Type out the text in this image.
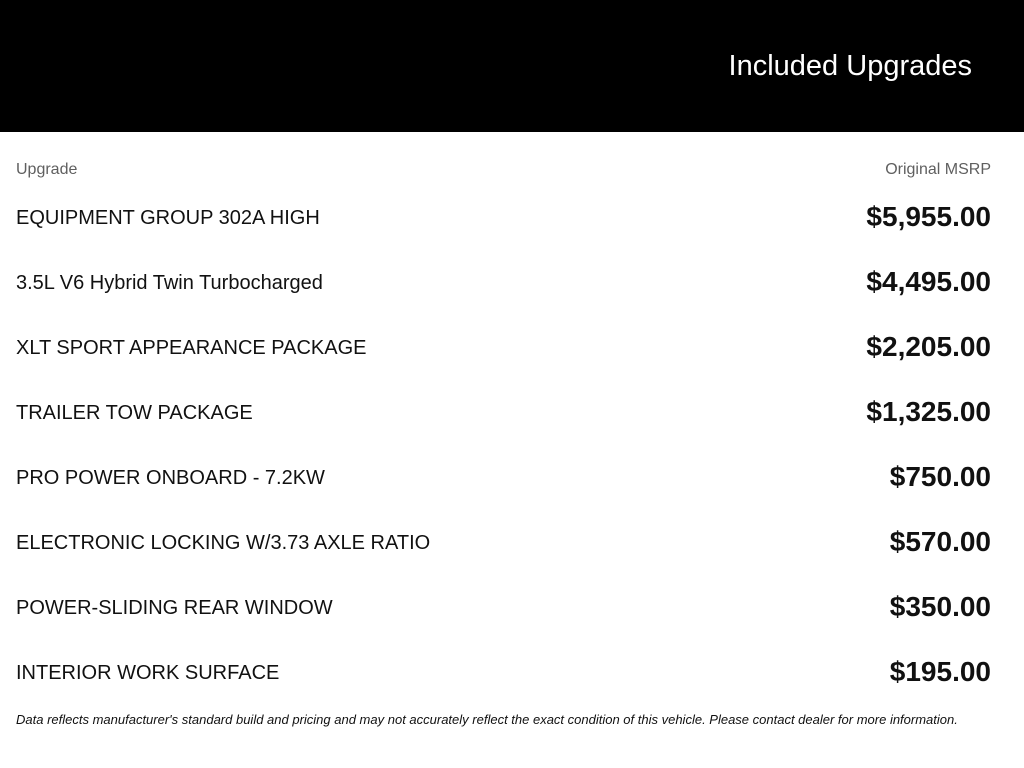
Included Upgrades
Upgrade	Original MSRP
EQUIPMENT GROUP 302A HIGH	$5,955.00
3.5L V6 Hybrid Twin Turbocharged	$4,495.00
XLT SPORT APPEARANCE PACKAGE	$2,205.00
TRAILER TOW PACKAGE	$1,325.00
PRO POWER ONBOARD - 7.2KW	$750.00
ELECTRONIC LOCKING W/3.73 AXLE RATIO	$570.00
POWER-SLIDING REAR WINDOW	$350.00
INTERIOR WORK SURFACE	$195.00
Data reflects manufacturer's standard build and pricing and may not accurately reflect the exact condition of this vehicle. Please contact dealer for more information.
